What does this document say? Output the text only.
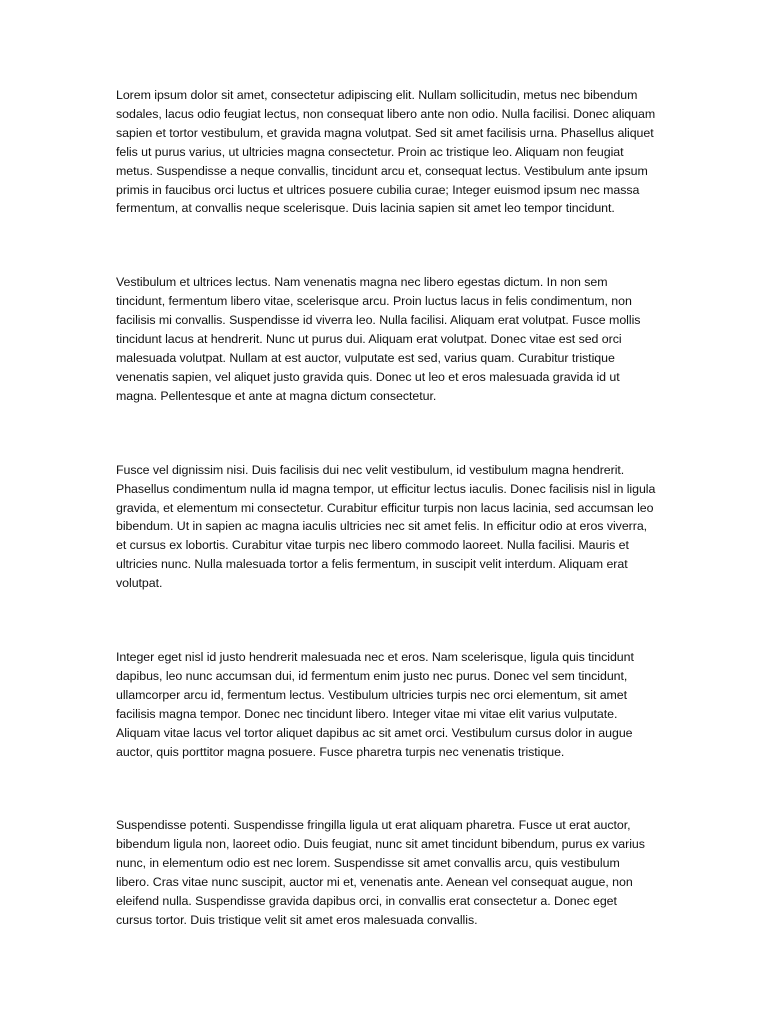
Lorem ipsum dolor sit amet, consectetur adipiscing elit. Nullam sollicitudin, metus nec bibendum sodales, lacus odio feugiat lectus, non consequat libero ante non odio. Nulla facilisi. Donec aliquam sapien et tortor vestibulum, et gravida magna volutpat. Sed sit amet facilisis urna. Phasellus aliquet felis ut purus varius, ut ultricies magna consectetur. Proin ac tristique leo. Aliquam non feugiat metus. Suspendisse a neque convallis, tincidunt arcu et, consequat lectus. Vestibulum ante ipsum primis in faucibus orci luctus et ultrices posuere cubilia curae; Integer euismod ipsum nec massa fermentum, at convallis neque scelerisque. Duis lacinia sapien sit amet leo tempor tincidunt.

Vestibulum et ultrices lectus. Nam venenatis magna nec libero egestas dictum. In non sem tincidunt, fermentum libero vitae, scelerisque arcu. Proin luctus lacus in felis condimentum, non facilisis mi convallis. Suspendisse id viverra leo. Nulla facilisi. Aliquam erat volutpat. Fusce mollis tincidunt lacus at hendrerit. Nunc ut purus dui. Aliquam erat volutpat. Donec vitae est sed orci malesuada volutpat. Nullam at est auctor, vulputate est sed, varius quam. Curabitur tristique venenatis sapien, vel aliquet justo gravida quis. Donec ut leo et eros malesuada gravida id ut magna. Pellentesque et ante at magna dictum consectetur.

Fusce vel dignissim nisi. Duis facilisis dui nec velit vestibulum, id vestibulum magna hendrerit. Phasellus condimentum nulla id magna tempor, ut efficitur lectus iaculis. Donec facilisis nisl in ligula gravida, et elementum mi consectetur. Curabitur efficitur turpis non lacus lacinia, sed accumsan leo bibendum. Ut in sapien ac magna iaculis ultricies nec sit amet felis. In efficitur odio at eros viverra, et cursus ex lobortis. Curabitur vitae turpis nec libero commodo laoreet. Nulla facilisi. Mauris et ultricies nunc. Nulla malesuada tortor a felis fermentum, in suscipit velit interdum. Aliquam erat volutpat.

Integer eget nisl id justo hendrerit malesuada nec et eros. Nam scelerisque, ligula quis tincidunt dapibus, leo nunc accumsan dui, id fermentum enim justo nec purus. Donec vel sem tincidunt, ullamcorper arcu id, fermentum lectus. Vestibulum ultricies turpis nec orci elementum, sit amet facilisis magna tempor. Donec nec tincidunt libero. Integer vitae mi vitae elit varius vulputate. Aliquam vitae lacus vel tortor aliquet dapibus ac sit amet orci. Vestibulum cursus dolor in augue auctor, quis porttitor magna posuere. Fusce pharetra turpis nec venenatis tristique.

Suspendisse potenti. Suspendisse fringilla ligula ut erat aliquam pharetra. Fusce ut erat auctor, bibendum ligula non, laoreet odio. Duis feugiat, nunc sit amet tincidunt bibendum, purus ex varius nunc, in elementum odio est nec lorem. Suspendisse sit amet convallis arcu, quis vestibulum libero. Cras vitae nunc suscipit, auctor mi et, venenatis ante. Aenean vel consequat augue, non eleifend nulla. Suspendisse gravida dapibus orci, in convallis erat consectetur a. Donec eget cursus tortor. Duis tristique velit sit amet eros malesuada convallis.
